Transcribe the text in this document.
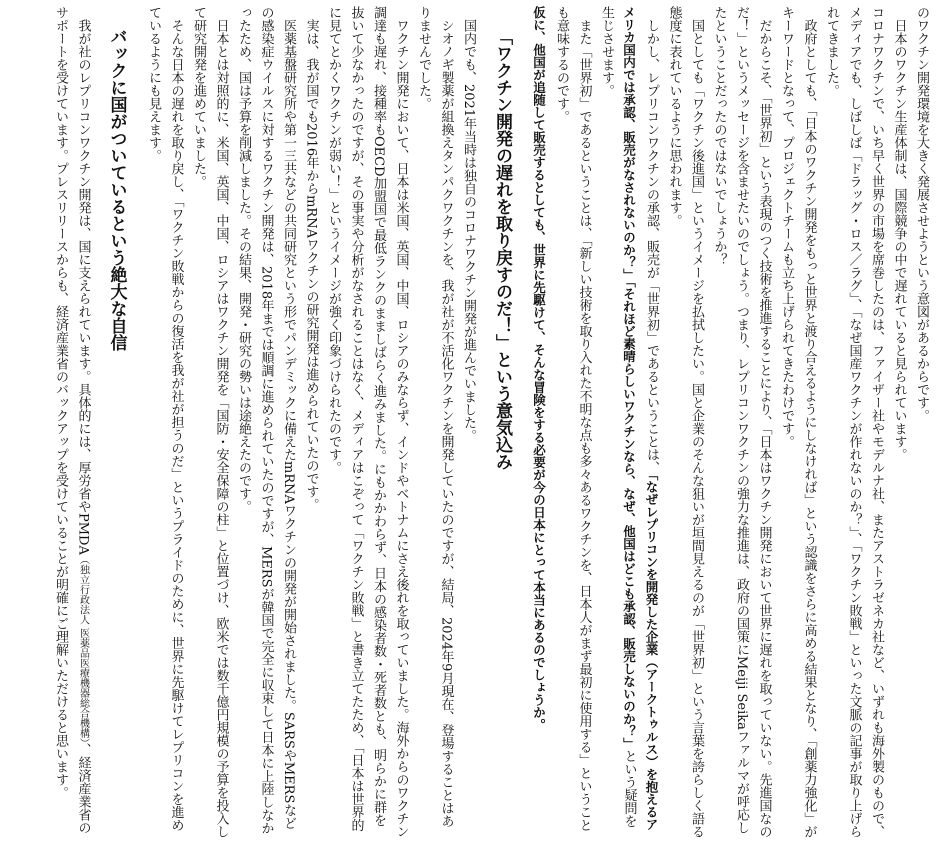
のワクチン開発環境を大きく発展させようという意図があるからです。

日本のワクチン生産体制は、国際競争の中で遅れていると見られています。

コロナワクチンで、いち早く世界の市場を席巻したのは、ファイザー社やモデルナ社、またアストラゼネカ社など、いずれも海外製のもので、メディアでも、しばしば「ドラッグ・ロス／ラグ」、「なぜ国産ワクチンが作れないのか？」、「ワクチン敗戦」といった文脈の記事が取り上げられてきました。

政府としても、「日本のワクチン開発をもっと世界と渡り合えるようにしなければ」という認識をさらに高める結果となり、「創薬力強化」がキーワードとなって、プロジェクトチームも立ち上げられてきたわけです。

だからこそ、「世界初」という表現のつく技術を推進することにより、「日本はワクチン開発において世界に遅れを取っていない。先進国なのだ！」というメッセージを含ませたいのでしょう。つまり、レプリコンワクチンの強力な推進は、政府の国策にMeiji Seikaファルマが呼応したということだったのではないでしょうか？

国としても「ワクチン後進国」というイメージを払拭したい。国と企業のそんな狙いが垣間見えるのが「世界初」という言葉を誇らしく語る態度に表れているように思われます。

しかし、レプリコンワクチンの承認、販売が「世界初」であるということは、「なぜレプリコンを開発した企業（アークトゥルス）を抱えるアメリカ国内では承認、販売がなされないのか？」「それほど素晴らしいワクチンなら、なぜ、他国はどこも承認、販売しないのか？」という疑問を生じさせます。

また「世界初」であるということは、「新しい技術を取り入れた不明な点も多々あるワクチンを、日本人がまず最初に使用する」ということも意味するのです。

仮に、他国が追随して販売するとしても、世界に先駆けて、そんな冒険をする必要が今の日本にとって本当にあるのでしょうか。

「ワクチン開発の遅れを取り戻すのだ！」という意気込み

国内でも、2021年当時は独自のコロナワクチン開発が進んでいました。

シオノギ製薬が組換えタンパクワクチンを、我が社が不活化ワクチンを開発していたのですが、結局、2024年9月現在、登場することはありませんでした。

ワクチン開発において、日本は米国、英国、中国、ロシアのみならず、インドやベトナムにさえ後れを取っていました。海外からのワクチン調達も遅れ、接種率もOECD加盟国で最低ランクのまましばらく進みました。にもかかわらず、日本の感染者数・死者数とも、明らかに群を抜いて少なかったのですが、その事実や分析がなされることはなく、メディアはこぞって「ワクチン敗戦」と書き立てたため、「日本は世界的に見てとかくワクチンが弱い！」というイメージが強く印象づけられたのです。

実は、我が国でも2016年からmRNAワクチンの研究開発は進められていたのです。

医薬基盤研究所や第一三共などの共同研究という形でパンデミックに備えたmRNAワクチンの開発が開始されました。SARSやMERSなどの感染症ウイルスに対するワクチン開発は、2018年までは順調に進められていたのですが、MERSが韓国で完全に収束して日本に上陸しなかったため、国は予算を削減しました。その結果、開発・研究の勢いは途絶えたのです。

日本とは対照的に、米国、英国、中国、ロシアはワクチン開発を「国防・安全保障の柱」と位置づけ、欧米では数千億円規模の予算を投入して研究開発を進めていました。

そんな日本の遅れを取り戻し、「ワクチン敗戦からの復活を我が社が担うのだ」というプライドのために、世界に先駆けてレプリコンを進めているようにも見えます。

バックに国がついているという絶大な自信

我が社のレプリコンワクチン開発は、国に支えられています。具体的には、厚労省やPMDA（独立行政法人 医薬品医療機器総合機構）、経済産業省のサポートを受けています。プレスリリースからも、経済産業省のバックアップを受けていることが明確にご理解いただけると思います。
